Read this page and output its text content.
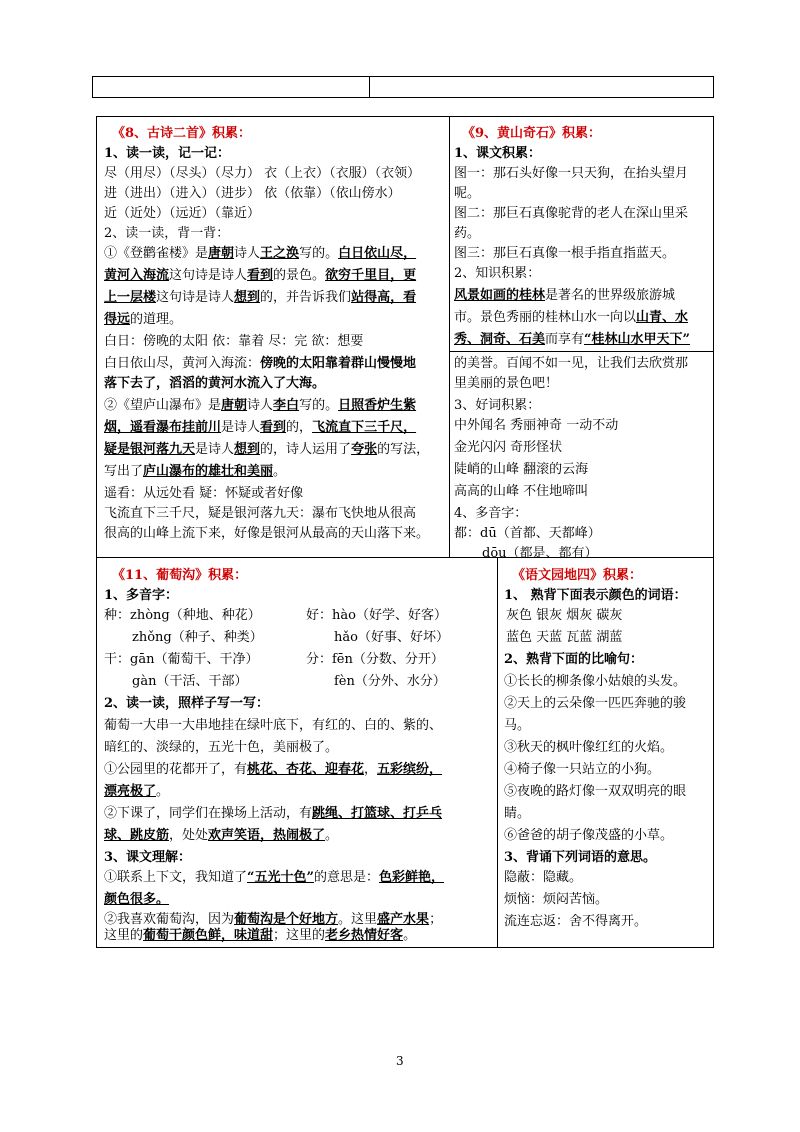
《8、古诗二首》积累：
1、读一读，记一记：
尽（用尽）（尽头）（尽力） 衣（上衣）（衣服）（衣领）
进（进出）（进入）（进步） 依（依靠）（依山傍水）
近（近处）（远近）（靠近）
2、读一读，背一背：
①《登鹳雀楼》是唐朝诗人王之涣写的。白日依山尽，
黄河入海流这句诗是诗人看到的景色。欲穷千里目，更
上一层楼这句诗是诗人想到的，并告诉我们站得高，看
得远的道理。
白日：傍晚的太阳 依：靠着 尽：完 欲：想要
白日依山尽，黄河入海流：傍晚的太阳靠着群山慢慢地
落下去了，滔滔的黄河水流入了大海。
②《望庐山瀑布》是唐朝诗人李白写的。日照香炉生紫
烟，遥看瀑布挂前川是诗人看到的，飞流直下三千尺，
疑是银河落九天是诗人想到的，诗人运用了夸张的写法，
写出了庐山瀑布的雄壮和美丽。
遥看：从远处看 疑：怀疑或者好像
飞流直下三千尺，疑是银河落九天：瀑布飞快地从很高
很高的山峰上流下来，好像是银河从最高的天山落下来。
《9、黄山奇石》积累：
1、课文积累：
图一：那石头好像一只天狗，在抬头望月
呢。
图二：那巨石真像驼背的老人在深山里采
药。
图三：那巨石真像一根手指直指蓝天。
2、知识积累：
风景如画的桂林是著名的世界级旅游城
市。景色秀丽的桂林山水一向以山青、水
秀、洞奇、石美而享有“桂林山水甲天下”
的美誉。百闻不如一见，让我们去欣赏那
里美丽的景色吧！
3、好词积累：
中外闻名 秀丽神奇 一动不动
金光闪闪 奇形怪状
陡峭的山峰 翻滚的云海
高高的山峰 不住地啼叫
4、多音字：
都：dū（首都、天都峰）
dōu（都是、都有）
《11、葡萄沟》积累：
1、多音字：
种：zhòng（种地、种花）	好：hào（好学、好客）
zhǒng（种子、种类）	hǎo（好事、好坏）
干：gān（葡萄干、干净）	分：fēn（分数、分开）
gàn（干活、干部）	fèn（分外、水分）
2、读一读，照样子写一写：
葡萄一大串一大串地挂在绿叶底下，有红的、白的、紫的、
暗红的、淡绿的，五光十色，美丽极了。
①公园里的花都开了，有桃花、杏花、迎春花，五彩缤纷，
漂亮极了。
②下课了，同学们在操场上活动，有跳绳、打篮球、打乒乓
球、跳皮筋，处处欢声笑语，热闹极了。
3、课文理解：
①联系上下文，我知道了“五光十色”的意思是：色彩鲜艳，
颜色很多。
②我喜欢葡萄沟，因为葡萄沟是个好地方。这里盛产水果；
这里的葡萄干颜色鲜，味道甜；这里的老乡热情好客。
《语文园地四》积累：
1、 熟背下面表示颜色的词语：
灰色 银灰 烟灰 碳灰
蓝色 天蓝 瓦蓝 湖蓝
2、熟背下面的比喻句：
①长长的柳条像小姑娘的头发。
②天上的云朵像一匹匹奔驰的骏
马。
③秋天的枫叶像红红的火焰。
④椅子像一只站立的小狗。
⑤夜晚的路灯像一双双明亮的眼
睛。
⑥爸爸的胡子像茂盛的小草。
3、背诵下列词语的意思。
隐蔽：隐藏。
烦恼：烦闷苦恼。
流连忘返：舍不得离开。
3
